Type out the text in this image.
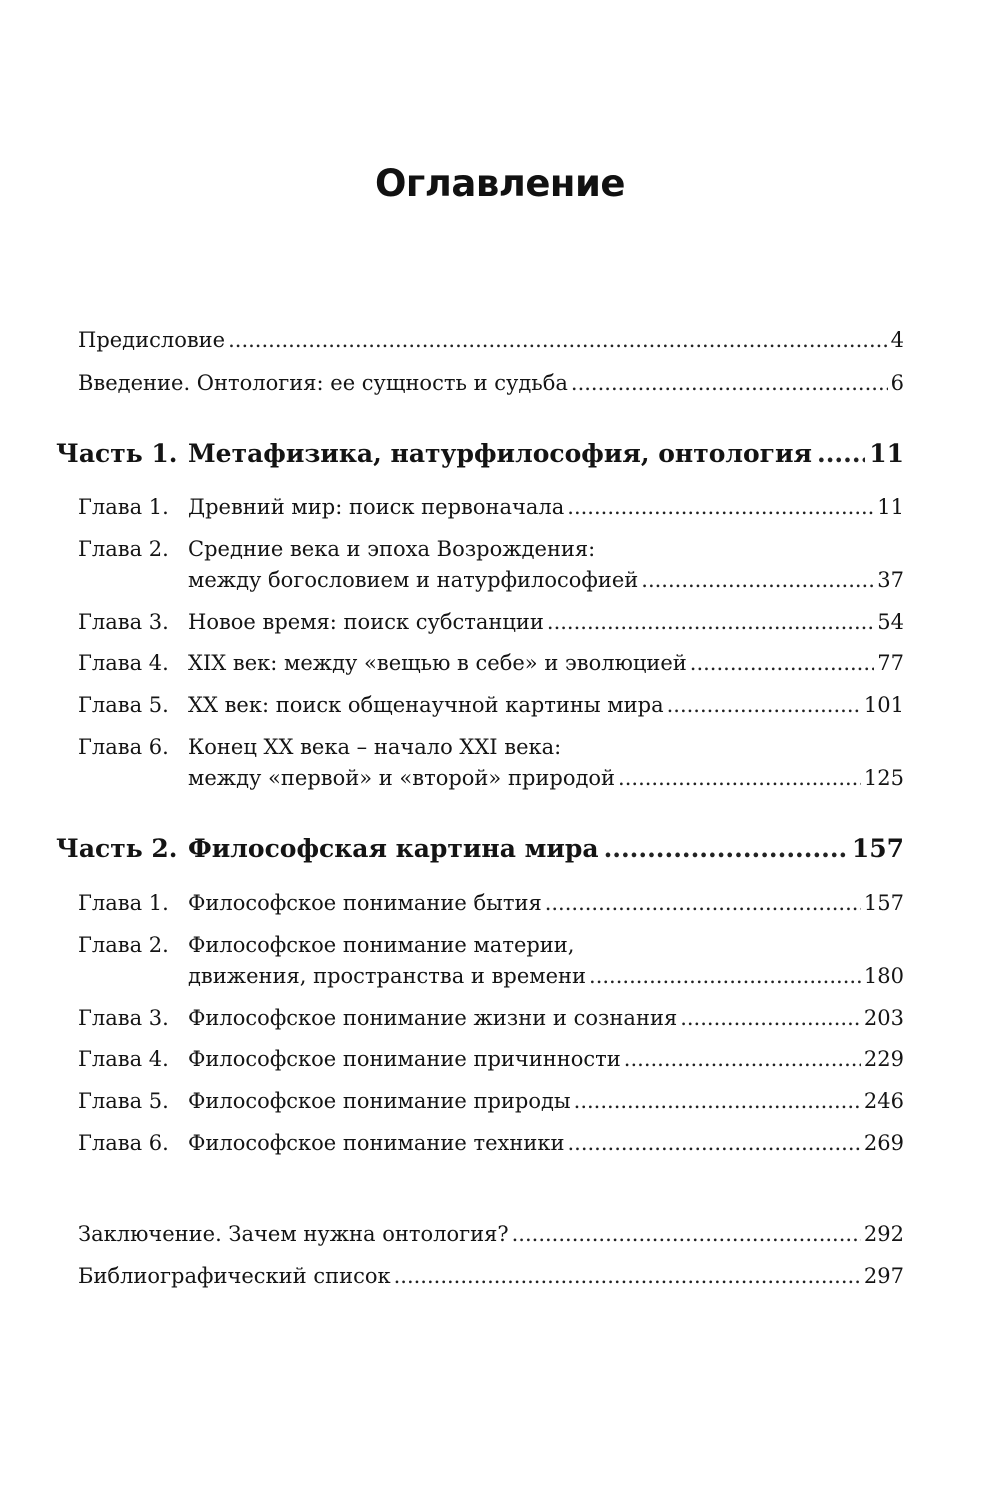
Оглавление
Предисловие .....	4
Введение. Онтология: ее сущность и судьба .....	6
Часть 1. Метафизика, натурфилософия, онтология ..... 11
Глава 1. Древний мир: поиск первоначала .....	11
Глава 2. Средние века и эпоха Возрождения:
между богословием и натурфилософией .....	37
Глава 3. Новое время: поиск субстанции .....	54
Глава 4. XIX век: между «вещью в себе» и эволюцией .....	77
Глава 5. XX век: поиск общенаучной картины мира .....	101
Глава 6. Конец XX века – начало XXI века:
между «первой» и «второй» природой .....	125
Часть 2. Философская картина мира .....	157
Глава 1. Философское понимание бытия .....	157
Глава 2. Философское понимание материи,
движения, пространства и времени .....	180
Глава 3. Философское понимание жизни и сознания .....	203
Глава 4. Философское понимание причинности .....	229
Глава 5. Философское понимание природы .....	246
Глава 6. Философское понимание техники .....	269
Заключение. Зачем нужна онтология? .....	292
Библиографический список .....	297
